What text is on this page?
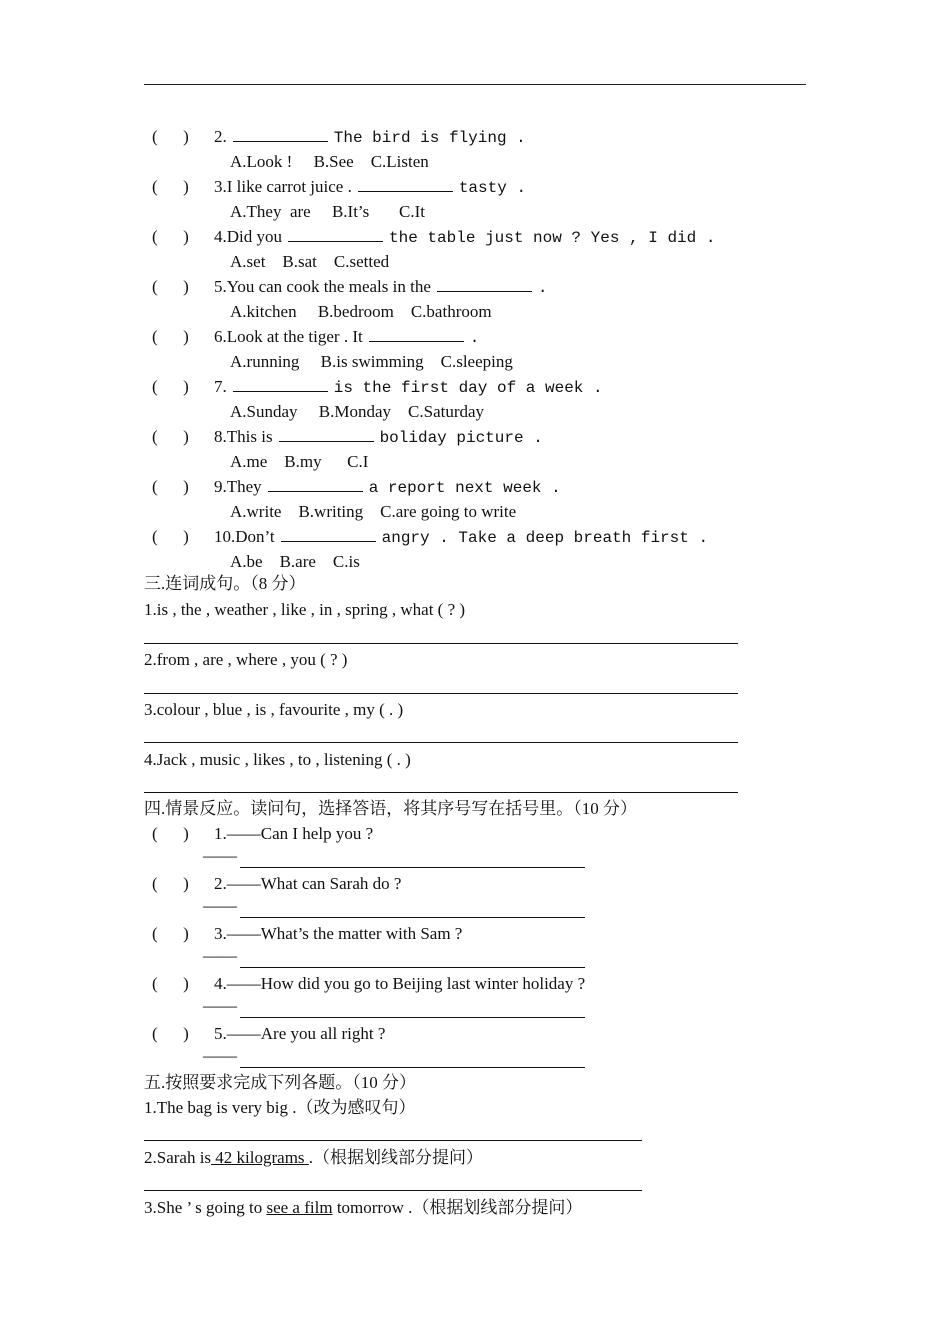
(      ) 2.	The bird is flying .
A.Look !     B.See    C.Listen
(      ) 3.I like carrot juice .	tasty .
A.They  are     B.It’s       C.It
(      ) 4.Did you	the table just now ? Yes , I did .
A.set    B.sat    C.setted
(      ) 5.You can cook the meals in the	.
A.kitchen     B.bedroom    C.bathroom
(      ) 6.Look at the tiger . It	.
A.running     B.is swimming    C.sleeping
(      ) 7.	is the first day of a week .
A.Sunday     B.Monday    C.Saturday
(      ) 8.This is	boliday picture .
A.me    B.my      C.I
(      ) 9.They	a report next week .
A.write    B.writing    C.are going to write
(      ) 10.Don’t	angry . Take a deep breath first .
A.be    B.are    C.is
三.连词成句。（8 分）
1.is , the , weather , like , in , spring , what ( ? )
2.from , are , where , you ( ? )
3.colour , blue , is , favourite , my ( . )
4.Jack , music , likes , to , listening ( . )
四.情景反应。读问句，选择答语，将其序号写在括号里。（10 分）
(      ) 1.——Can I help you ?
——
(      ) 2.——What can Sarah do ?
——
(      ) 3.——What’s the matter with Sam ?
——
(      ) 4.——How did you go to Beijing last winter holiday ?
——
(      ) 5.——Are you all right ?
——
五.按照要求完成下列各题。（10 分）
1.The bag is very big .（改为感叹句）
2.Sarah is 42 kilograms .（根据划线部分提问）
3.She ’ s going to see a film tomorrow .（根据划线部分提问）
